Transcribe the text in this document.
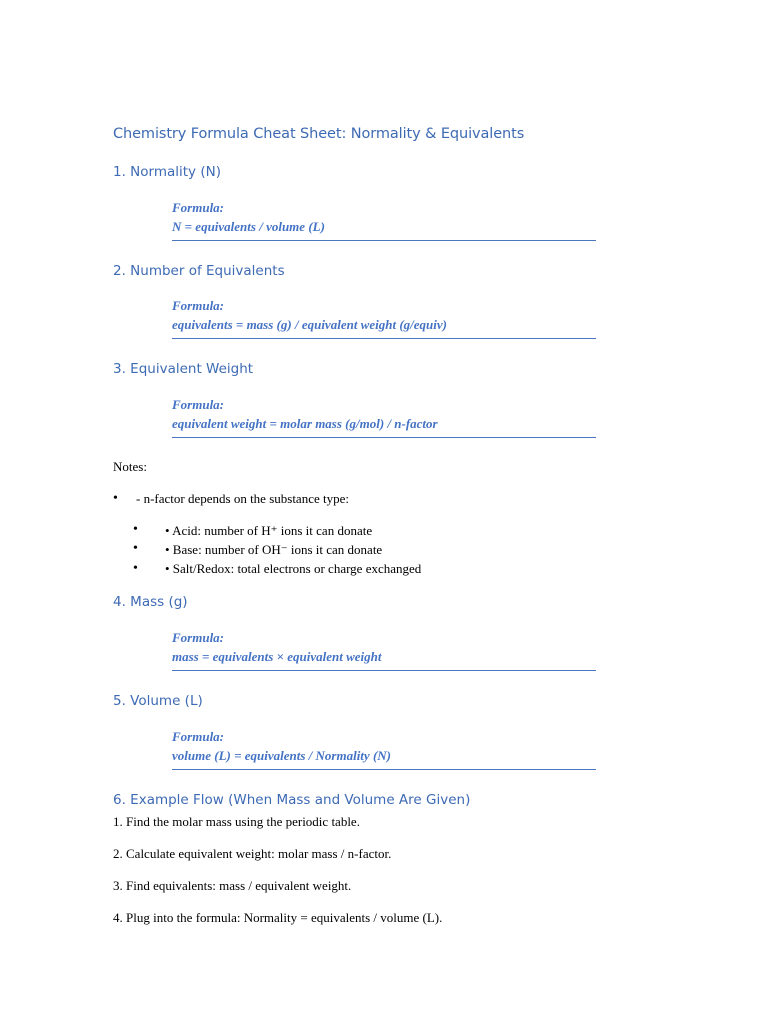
Chemistry Formula Cheat Sheet: Normality & Equivalents
1. Normality (N)
Formula:
N = equivalents / volume (L)
2. Number of Equivalents
Formula:
equivalents = mass (g) / equivalent weight (g/equiv)
3. Equivalent Weight
Formula:
equivalent weight = molar mass (g/mol) / n-factor
Notes:
• - n-factor depends on the substance type:
• • Acid: number of H⁺ ions it can donate
• • Base: number of OH⁻ ions it can donate
• • Salt/Redox: total electrons or charge exchanged
4. Mass (g)
Formula:
mass = equivalents × equivalent weight
5. Volume (L)
Formula:
volume (L) = equivalents / Normality (N)
6. Example Flow (When Mass and Volume Are Given)
1. Find the molar mass using the periodic table.
2. Calculate equivalent weight: molar mass / n-factor.
3. Find equivalents: mass / equivalent weight.
4. Plug into the formula: Normality = equivalents / volume (L).
